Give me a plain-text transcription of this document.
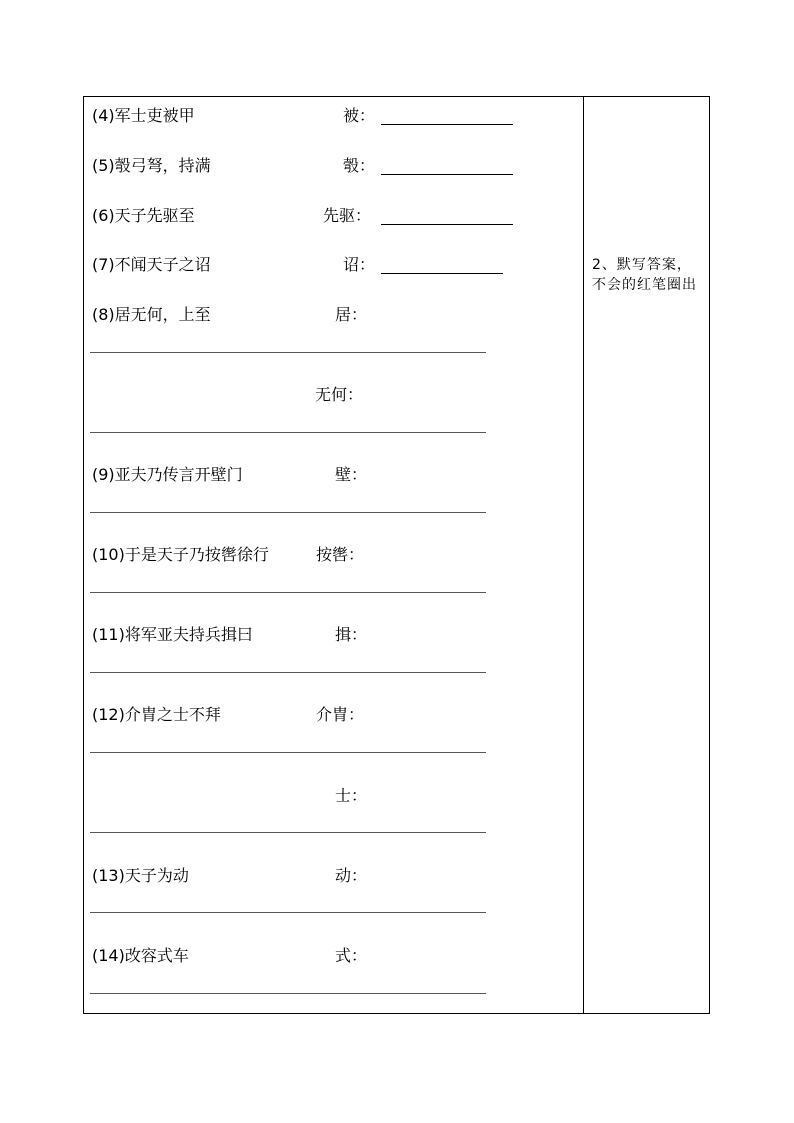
(4)军士吏被甲	被：
(5)彀弓弩，持满	彀：
(6)天子先驱至	先驱：
(7)不闻天子之诏	诏：
(8)居无何，上至	居：
无何：
(9)亚夫乃传言开壁门	壁：
(10)于是天子乃按辔徐行	按辔：
(11)将军亚夫持兵揖曰	揖：
(12)介胄之士不拜	介胄：
士：
(13)天子为动	动：
(14)改容式车	式：
2、默写答案，不会的红笔圈出
